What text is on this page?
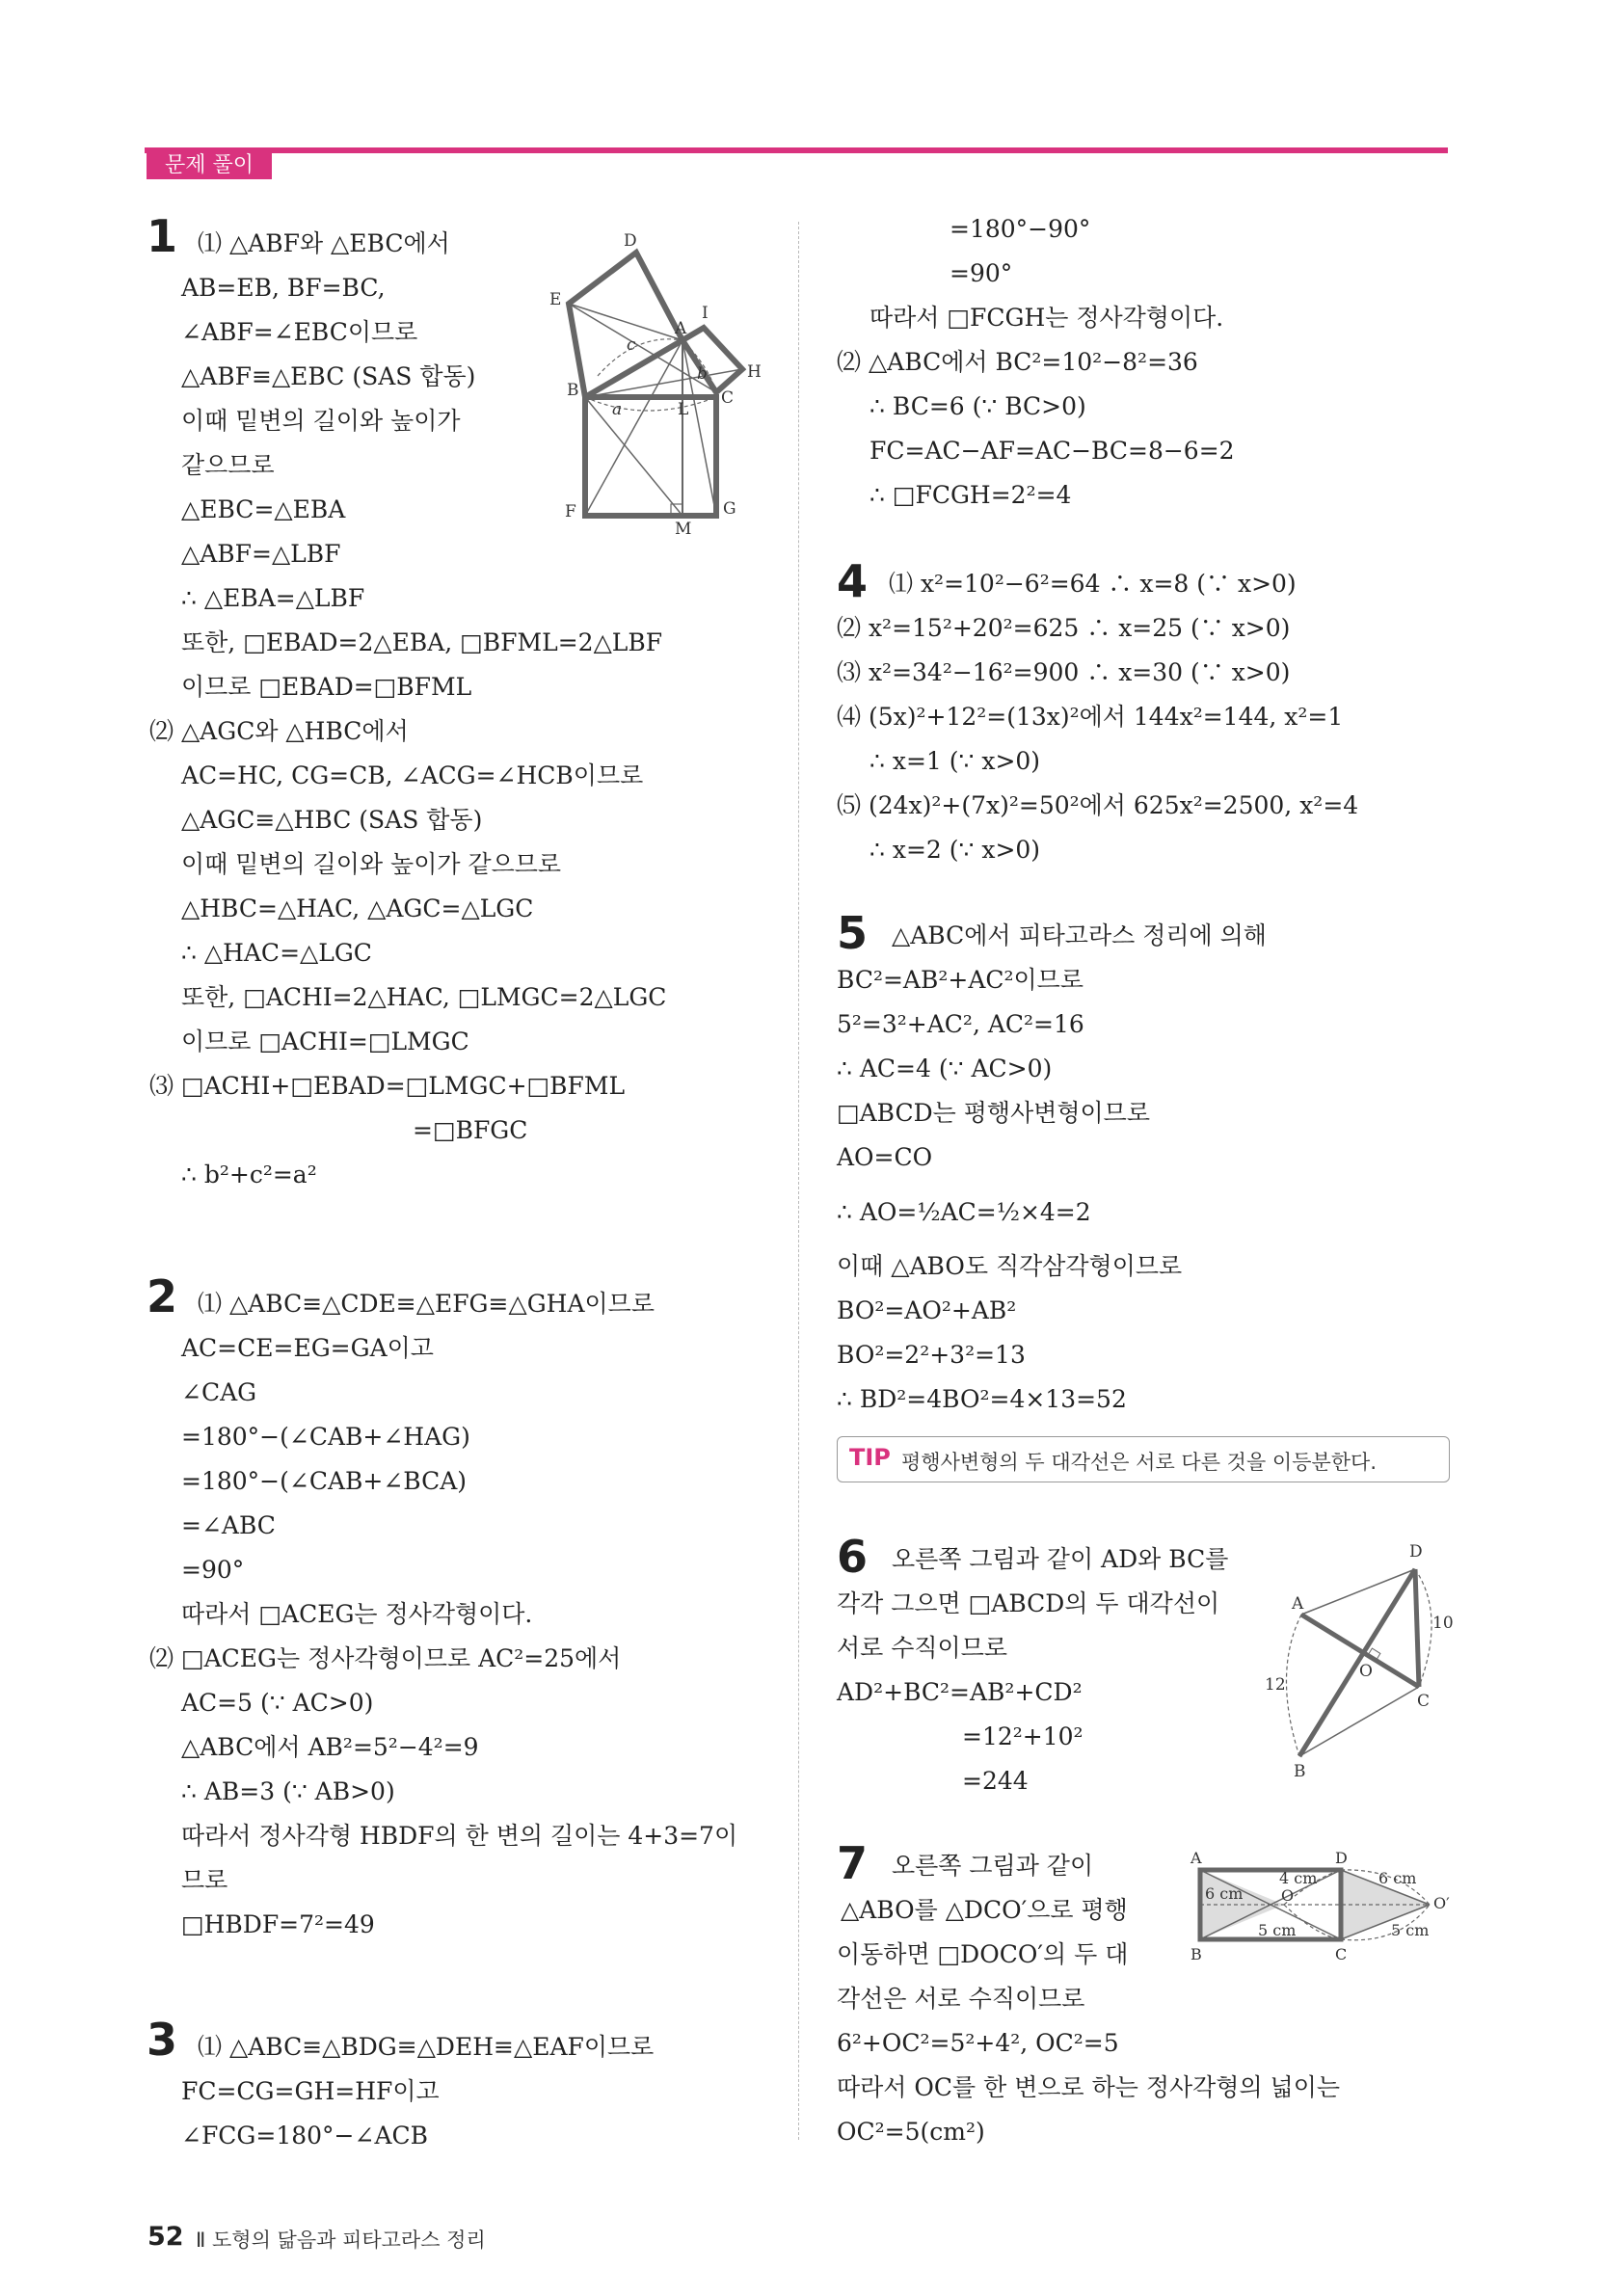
문제 풀이
1 ⑴ △ABF와 △EBC에서
AB=EB, BF=BC,
∠ABF=∠EBC이므로
△ABF≡△EBC (SAS 합동)
이때 밑변의 길이와 높이가
같으므로
△EBC=△EBA
△ABF=△LBF
∴ △EBA=△LBF
또한, □EBAD=2△EBA, □BFML=2△LBF
이므로 □EBAD=□BFML
⑵ △AGC와 △HBC에서
AC=HC, CG=CB, ∠ACG=∠HCB이므로
△AGC≡△HBC (SAS 합동)
이때 밑변의 길이와 높이가 같으므로
△HBC=△HAC, △AGC=△LGC
∴ △HAC=△LGC
또한, □ACHI=2△HAC, □LMGC=2△LGC
이므로 □ACHI=□LMGC
⑶ □ACHI+□EBAD=□LMGC+□BFML
=□BFGC
∴ b²+c²=a²
D
E
A
I
H
c
b
B
a
C
L
F
M
G
2 ⑴ △ABC≡△CDE≡△EFG≡△GHA이므로
AC=CE=EG=GA이고
∠CAG
=180°−(∠CAB+∠HAG)
=180°−(∠CAB+∠BCA)
=∠ABC
=90°
따라서 □ACEG는 정사각형이다.
⑵ □ACEG는 정사각형이므로 AC²=25에서
AC=5 (∵ AC>0)
△ABC에서 AB²=5²−4²=9
∴ AB=3 (∵ AB>0)
따라서 정사각형 HBDF의 한 변의 길이는 4+3=7이
므로
□HBDF=7²=49
3 ⑴ △ABC≡△BDG≡△DEH≡△EAF이므로
FC=CG=GH=HF이고
∠FCG=180°−∠ACB
=180°−90°
=90°
따라서 □FCGH는 정사각형이다.
⑵ △ABC에서 BC²=10²−8²=36
∴ BC=6 (∵ BC>0)
FC=AC−AF=AC−BC=8−6=2
∴ □FCGH=2²=4
4 ⑴ x²=10²−6²=64 ∴ x=8 (∵ x>0)
⑵ x²=15²+20²=625 ∴ x=25 (∵ x>0)
⑶ x²=34²−16²=900 ∴ x=30 (∵ x>0)
⑷ (5x)²+12²=(13x)²에서 144x²=144, x²=1
∴ x=1 (∵ x>0)
⑸ (24x)²+(7x)²=50²에서 625x²=2500, x²=4
∴ x=2 (∵ x>0)
5 △ABC에서 피타고라스 정리에 의해
BC²=AB²+AC²이므로
5²=3²+AC², AC²=16
∴ AC=4 (∵ AC>0)
□ABCD는 평행사변형이므로
AO=CO
∴ AO=½AC=½×4=2
이때 △ABO도 직각삼각형이므로
BO²=AO²+AB²
BO²=2²+3²=13
∴ BD²=4BO²=4×13=52
TIP 평행사변형의 두 대각선은 서로 다른 것을 이등분한다.
6 오른쪽 그림과 같이 AD와 BC를
각각 그으면 □ABCD의 두 대각선이
서로 수직이므로
AD²+BC²=AB²+CD²
=12²+10²
=244
D
A
10
O
12
C
B
7 오른쪽 그림과 같이
△ABO를 △DCO′으로 평행
이동하면 □DOCO′의 두 대
각선은 서로 수직이므로
6²+OC²=5²+4², OC²=5
따라서 OC를 한 변으로 하는 정사각형의 넓이는
OC²=5(cm²)
A	D
4 cm
6 cm
6 cm
O	O′
5 cm	5 cm
B	C
52 Ⅱ 도형의 닮음과 피타고라스 정리
